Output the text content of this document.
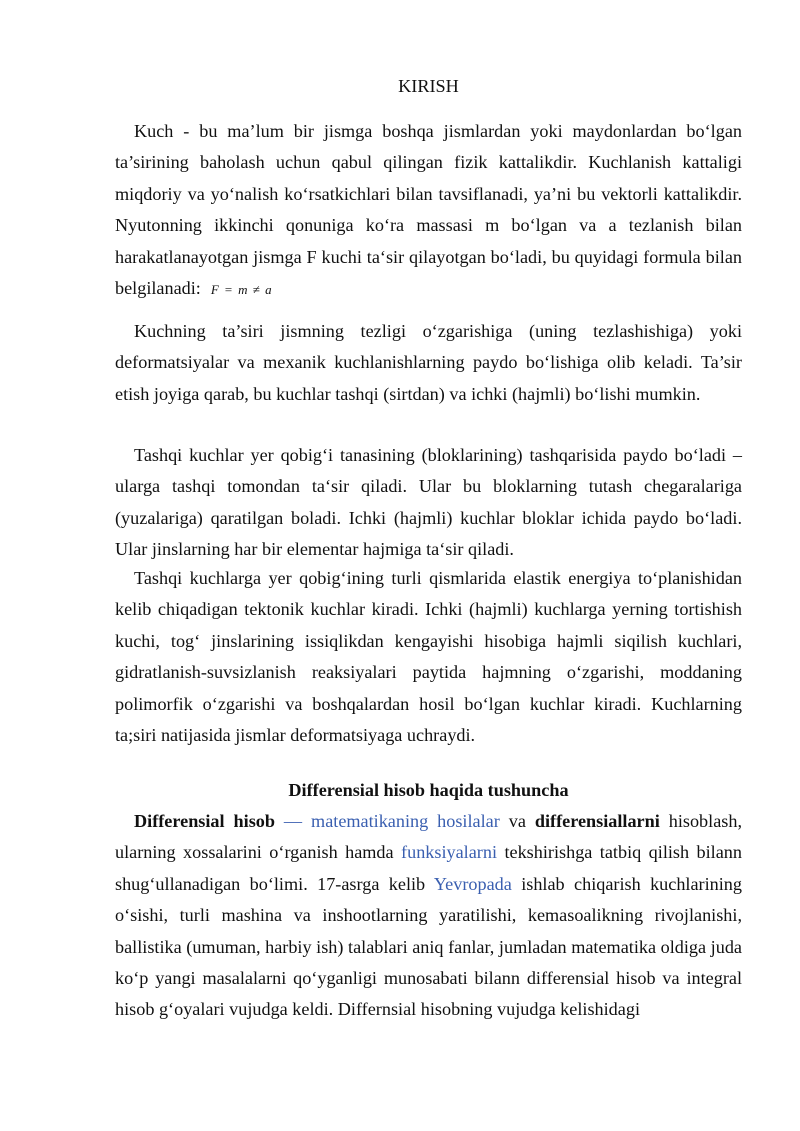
KIRISH

Kuch - bu ma’lum bir jismga boshqa jismlardan yoki maydonlardan bo‘lgan ta’sirining baholash uchun qabul qilingan fizik kattalikdir. Kuchlanish kattaligi miqdoriy va yo‘nalish ko‘rsatkichlari bilan tavsiflanadi, ya’ni bu vektorli kattalikdir. Nyutonning ikkinchi qonuniga ko‘ra massasi m bo‘lgan va a tezlanish bilan harakatlanayotgan jismga F kuchi ta‘sir qilayotgan bo‘ladi, bu quyidagi formula bilan belgilanadi: F = m ≠ a

Kuchning ta’siri jismning tezligi o‘zgarishiga (uning tezlashishiga) yoki deformatsiyalar va mexanik kuchlanishlarning paydo bo‘lishiga olib keladi. Ta’sir etish joyiga qarab, bu kuchlar tashqi (sirtdan) va ichki (hajmli) bo‘lishi mumkin.

Tashqi kuchlar yer qobig‘i tanasining (bloklarining) tashqarisida paydo bo‘ladi – ularga tashqi tomondan ta‘sir qiladi. Ular bu bloklarning tutash chegaralariga (yuzalariga) qaratilgan boladi. Ichki (hajmli) kuchlar bloklar ichida paydo bo‘ladi. Ular jinslarning har bir elementar hajmiga ta‘sir qiladi.

Tashqi kuchlarga yer qobig‘ining turli qismlarida elastik energiya to‘planishidan kelib chiqadigan tektonik kuchlar kiradi. Ichki (hajmli) kuchlarga yerning tortishish kuchi, tog‘ jinslarining issiqlikdan kengayishi hisobiga hajmli siqilish kuchlari, gidratlanish-suvsizlanish reaksiyalari paytida hajmning o‘zgarishi, moddaning polimorfik o‘zgarishi va boshqalardan hosil bo‘lgan kuchlar kiradi. Kuchlarning ta;siri natijasida jismlar deformatsiyaga uchraydi.

Differensial hisob haqida tushuncha

Differensial hisob — matematikaning hosilalar va differensiallarni hisoblash, ularning xossalarini o‘rganish hamda funksiyalarni tekshirishga tatbiq qilish bilann shug‘ullanadigan bo‘limi. 17-asrga kelib Yevropada ishlab chiqarish kuchlarining o‘sishi, turli mashina va inshootlarning yaratilishi, kemasoalikning rivojlanishi, ballistika (umuman, harbiy ish) talablari aniq fanlar, jumladan matematika oldiga juda ko‘p yangi masalalarni qo‘yganligi munosabati bilann differensial hisob va integral hisob g‘oyalari vujudga keldi. Differnsial hisobning vujudga kelishidagi
